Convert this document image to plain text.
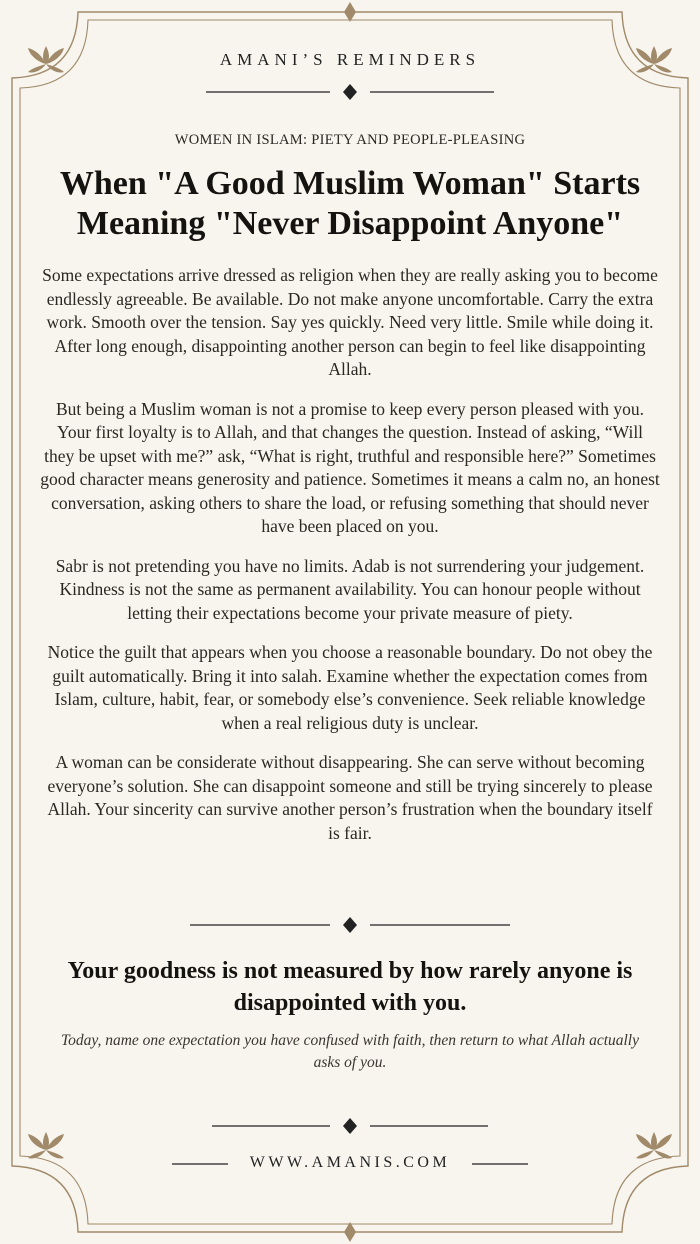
AMANI’S REMINDERS
WOMEN IN ISLAM: PIETY AND PEOPLE-PLEASING
When "A Good Muslim Woman" Starts Meaning "Never Disappoint Anyone"

Some expectations arrive dressed as religion when they are really asking you to become endlessly agreeable. Be available. Do not make anyone uncomfortable. Carry the extra work. Smooth over the tension. Say yes quickly. Need very little. Smile while doing it. After long enough, disappointing another person can begin to feel like disappointing Allah.

But being a Muslim woman is not a promise to keep every person pleased with you. Your first loyalty is to Allah, and that changes the question. Instead of asking, “Will they be upset with me?” ask, “What is right, truthful and responsible here?” Sometimes good character means generosity and patience. Sometimes it means a calm no, an honest conversation, asking others to share the load, or refusing something that should never have been placed on you.

Sabr is not pretending you have no limits. Adab is not surrendering your judgement. Kindness is not the same as permanent availability. You can honour people without letting their expectations become your private measure of piety.

Notice the guilt that appears when you choose a reasonable boundary. Do not obey the guilt automatically. Bring it into salah. Examine whether the expectation comes from Islam, culture, habit, fear, or somebody else’s convenience. Seek reliable knowledge when a real religious duty is unclear.

A woman can be considerate without disappearing. She can serve without becoming everyone’s solution. She can disappoint someone and still be trying sincerely to please Allah. Your sincerity can survive another person’s frustration when the boundary itself is fair.

Your goodness is not measured by how rarely anyone is disappointed with you.
Today, name one expectation you have confused with faith, then return to what Allah actually asks of you.
WWW.AMANIS.COM
